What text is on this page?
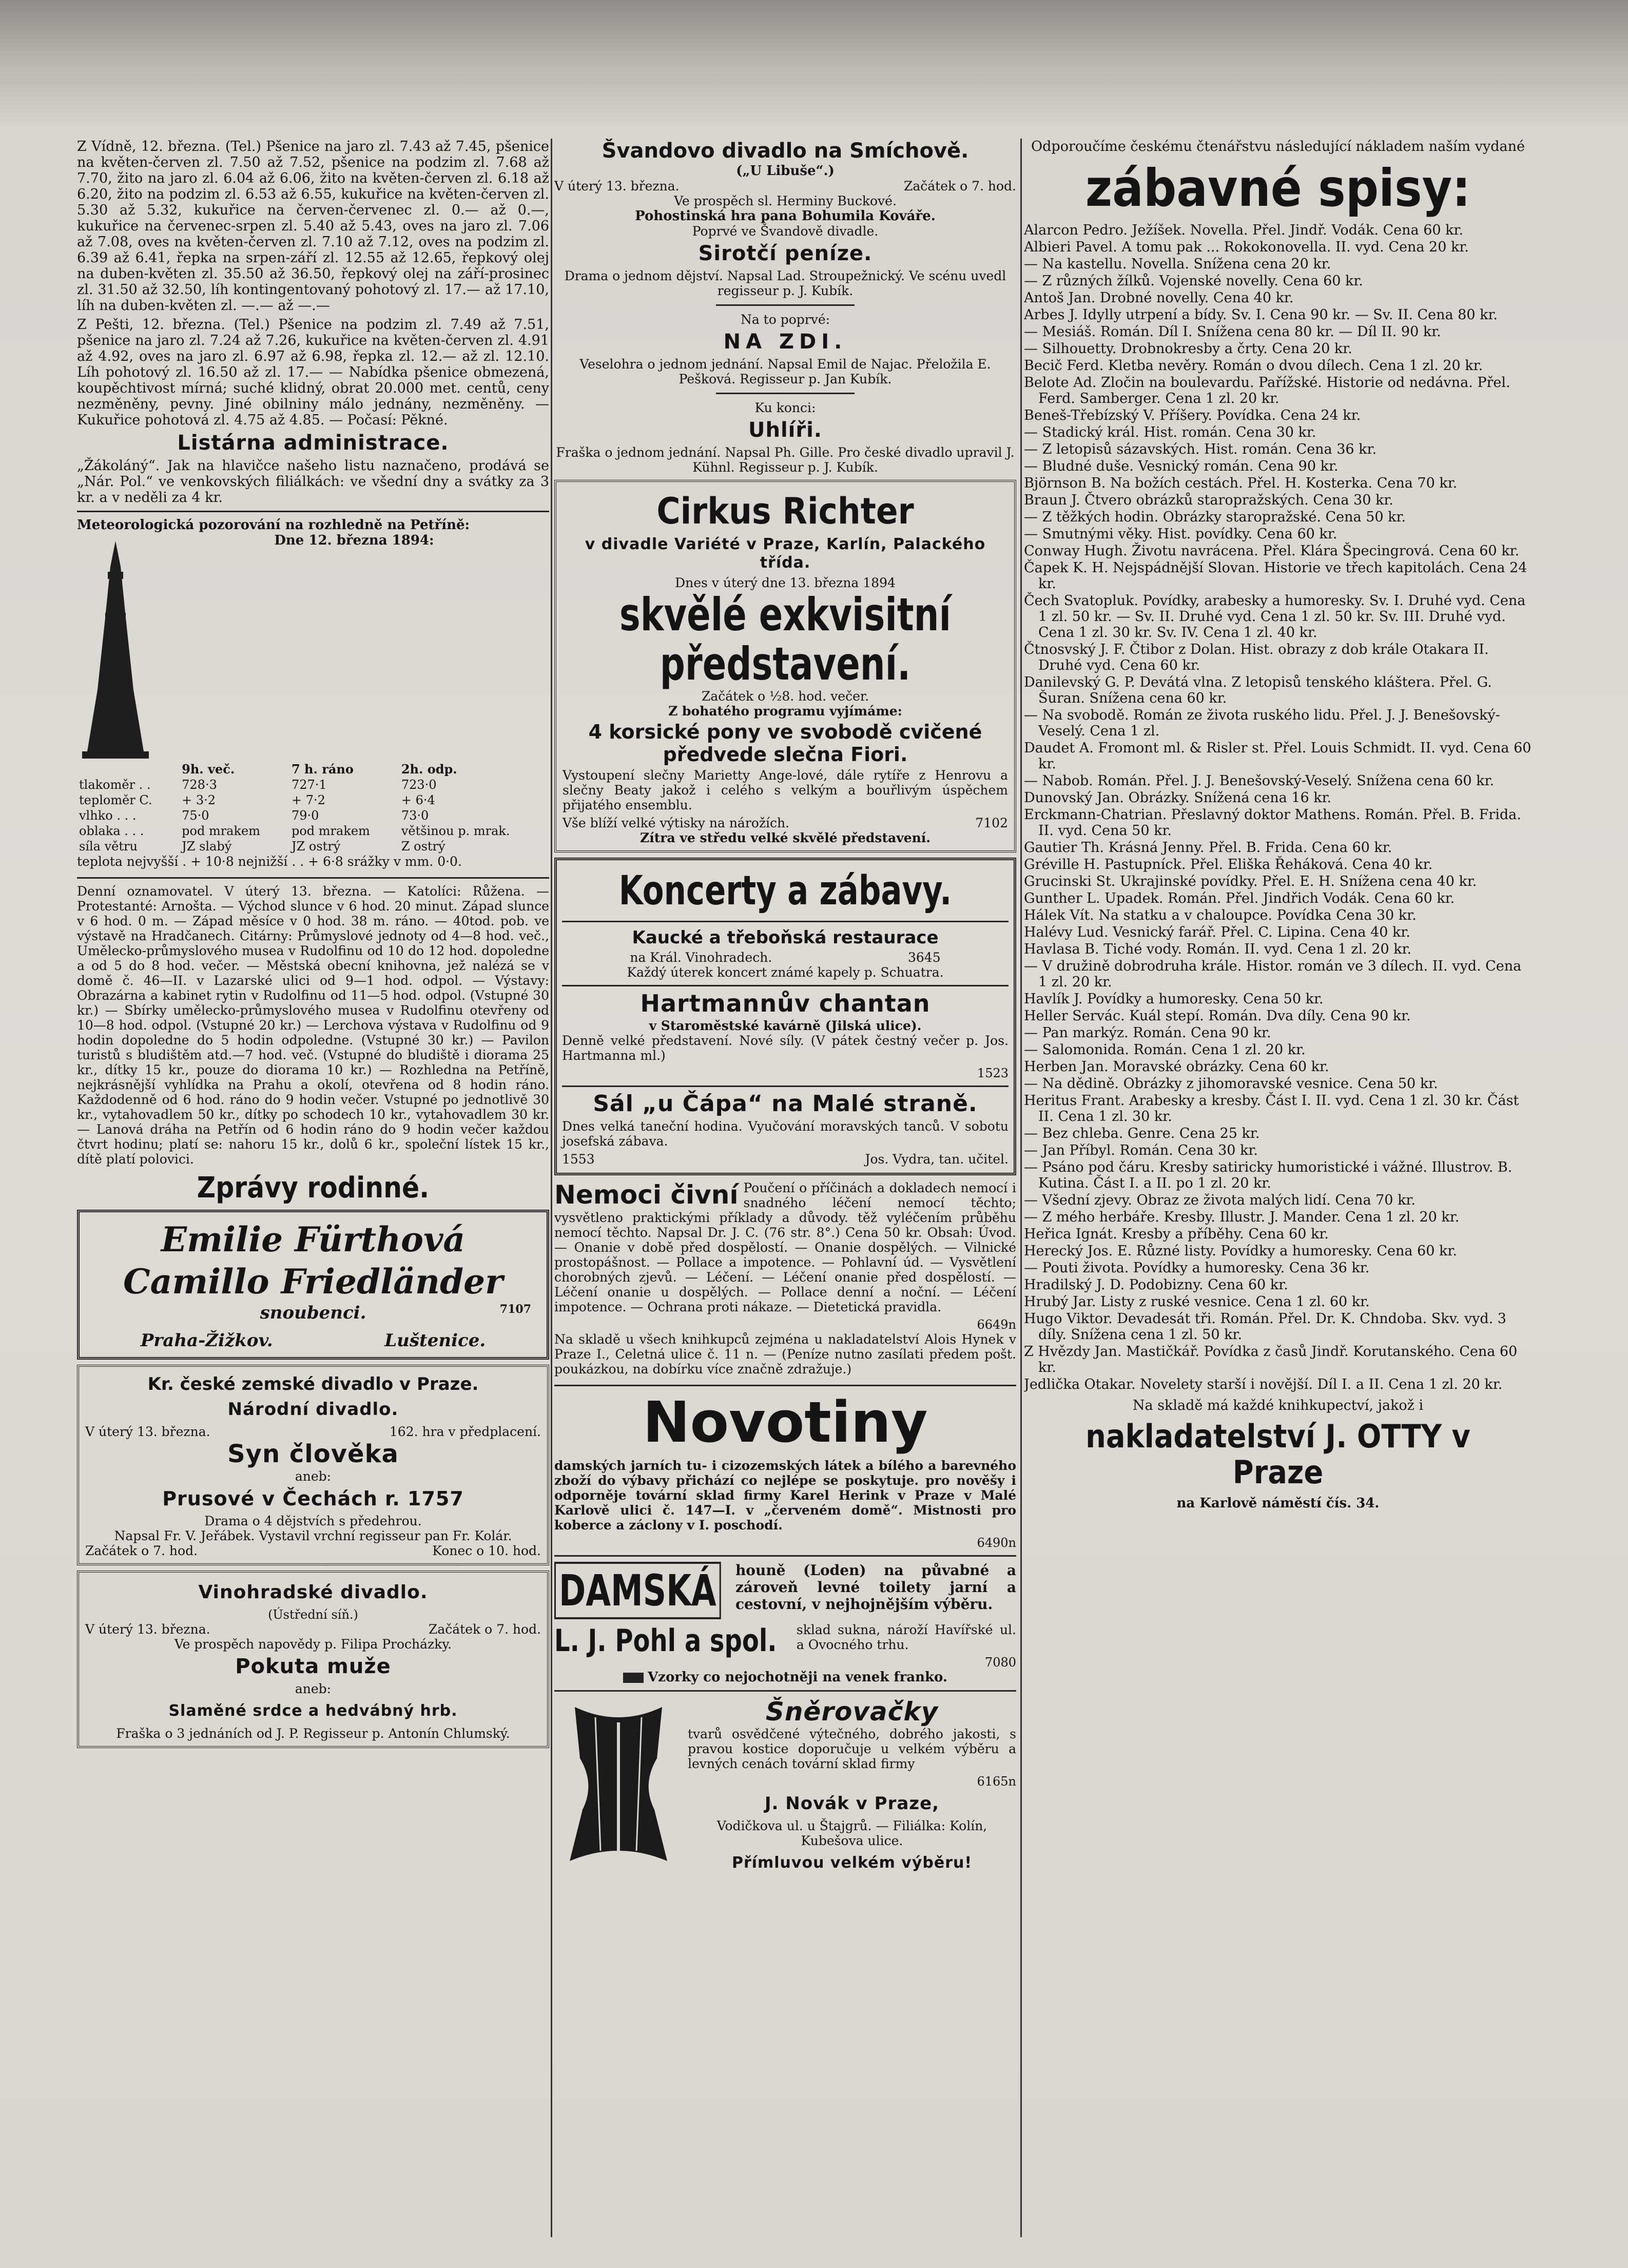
Z Vídně, 12. března. (Tel.) Pšenice na jaro zl. 7.43 až 7.45, pšenice na květen-červen zl. 7.50 až 7.52, pšenice na podzim zl. 7.68 až 7.70, žito na jaro zl. 6.04 až 6.06, žito na květen-červen zl. 6.18 až 6.20, žito na podzim zl. 6.53 až 6.55, kukuřice na květen-červen zl. 5.30 až 5.32, kukuřice na červen-červenec zl. 0.— až 0.—, kukuřice na červenec-srpen zl. 5.40 až 5.43, oves na jaro zl. 7.06 až 7.08, oves na květen-červen zl. 7.10 až 7.12, oves na podzim zl. 6.39 až 6.41, řepka na srpen-září zl. 12.55 až 12.65, řepkový olej na duben-květen zl. 35.50 až 36.50, řepkový olej na září-prosinec zl. 31.50 až 32.50, líh kontingentovaný pohotový zl. 17.— až 17.10, líh na duben-květen zl. —.— až —.—

Z Pešti, 12. března. (Tel.) Pšenice na podzim zl. 7.49 až 7.51, pšenice na jaro zl. 7.24 až 7.26, kukuřice na květen-červen zl. 4.91 až 4.92, oves na jaro zl. 6.97 až 6.98, řepka zl. 12.— až zl. 12.10. Líh pohotový zl. 16.50 až zl. 17.— — Nabídka pšenice obmezená, koupěchtivost mírná; suché klidný, obrat 20.000 met. centů, ceny nezměněny, pevny. Jiné obilniny málo jednány, nezměněny. — Kukuřice pohotová zl. 4.75 až 4.85. — Počasí: Pěkné.

Listárna administrace.

„Žákoláný“. Jak na hlavičce našeho listu naznačeno, prodává se „Nár. Pol.“ ve venkovských filiálkách: ve všední dny a svátky za 3 kr. a v neděli za 4 kr.

Meteorologická pozorování na rozhledně na Petříně:
Dne 12. března 1894:
	9h. več.	7 h. ráno	2h. odp.
tlakoměr . .	728·3	727·1	723·0
teploměr C.	+ 3·2	+ 7·2	+ 6·4
vlhko . . .	75·0	79·0	73·0
oblaka . . .	pod mrakem	pod mrakem	většinou p. mrak.
síla větru	JZ slabý	JZ ostrý	Z ostrý

teplota nejvyšší . + 10·8 nejnižší . . + 6·8 srážky v mm. 0·0.

Denní oznamovatel. V úterý 13. března. — Katolíci: Růžena. — Protestanté: Arnošta. — Východ slunce v 6 hod. 20 minut. Západ slunce v 6 hod. 0 m. — Západ měsíce v 0 hod. 38 m. ráno. — 40tod. pob. ve výstavě na Hradčanech. Citárny: Průmyslové jednoty od 4—8 hod. več., Umělecko-průmyslového musea v Rudolfinu od 10 do 12 hod. dopoledne a od 5 do 8 hod. večer. — Městská obecní knihovna, jež nalézá se v domě č. 46—II. v Lazarské ulici od 9—1 hod. odpol. — Výstavy: Obrazárna a kabinet rytin v Rudolfinu od 11—5 hod. odpol. (Vstupné 30 kr.) — Sbírky umělecko-průmyslového musea v Rudolfinu otevřeny od 10—8 hod. odpol. (Vstupné 20 kr.) — Lerchova výstava v Rudolfinu od 9 hodin dopoledne do 5 hodin odpoledne. (Vstupné 30 kr.) — Pavilon turistů s bludištěm atd.—7 hod. več. (Vstupné do bludiště i diorama 25 kr., dítky 15 kr., pouze do diorama 10 kr.) — Rozhledna na Petříně, nejkrásnější vyhlídka na Prahu a okolí, otevřena od 8 hodin ráno. Každodenně od 6 hod. ráno do 9 hodin večer. Vstupné po jednotlivě 30 kr., vytahovadlem 50 kr., dítky po schodech 10 kr., vytahovadlem 30 kr. — Lanová dráha na Petřín od 6 hodin ráno do 9 hodin večer každou čtvrt hodinu; platí se: nahoru 15 kr., dolů 6 kr., společní lístek 15 kr., dítě platí polovici.

Zprávy rodinné.
Emilie Fürthová
Camillo Friedländer
snoubenci.	7107
Praha-Žižkov.	Luštenice.
Kr. české zemské divadlo v Praze.
Národní divadlo.
V úterý 13. března.	162. hra v předplacení.
Syn člověka
aneb:
Prusové v Čechách r. 1757
Drama o 4 dějstvích s předehrou.
Napsal Fr. V. Jeřábek. Vystavil vrchní regisseur pan Fr. Kolár.
Začátek o 7. hod.	Konec o 10. hod.
Vinohradské divadlo.
(Ústřední síň.)
V úterý 13. března.	Začátek o 7. hod.
Ve prospěch napovědy p. Filipa Procházky.
Pokuta muže
aneb:
Slaměné srdce a hedvábný hrb.
Fraška o 3 jednáních od J. P. Regisseur p. Antonín Chlumský.
Švandovo divadlo na Smíchově.
(„U Libuše“.)
V úterý 13. března.	Začátek o 7. hod.
Ve prospěch sl. Herminy Buckové.
Pohostinská hra pana Bohumila Kováře.
Poprvé ve Švandově divadle.
Sirotčí peníze.
Drama o jednom dějství. Napsal Lad. Stroupežnický. Ve scénu uvedl regisseur p. J. Kubík.
Na to poprvé:
NA ZDI.
Veselohra o jednom jednání. Napsal Emil de Najac. Přeložila E. Pešková. Regisseur p. Jan Kubík.
Ku konci:
Uhlíři.
Fraška o jednom jednání. Napsal Ph. Gille. Pro české divadlo upravil J. Kühnl. Regisseur p. J. Kubík.
Cirkus Richter
v divadle Variété v Praze, Karlín, Palackého třída.
Dnes v úterý dne 13. března 1894
skvělé exkvisitní představení.
Začátek o ½8. hod. večer.
Z bohatého programu vyjímáme:
4 korsické pony ve svobodě cvičené předvede slečna Fiori.

Vystoupení slečny Marietty Ange-lové, dále rytíře z Henrovu a slečny Beaty jakož i celého s velkým a bouřlivým úspěchem přijatého ensemblu.

Vše blíží velké výtisky na nárožích.	7102
Zítra ve středu velké skvělé představení.
Koncerty a zábavy.
Kaucké a třeboňská restaurace
na Král. Vinohradech.	3645
Každý úterek koncert známé kapely p. Schuatra.
Hartmannův chantan
v Staroměstské kavárně (Jilská ulice).

Denně velké představení. Nové síly. (V pátek čestný večer p. Jos. Hartmanna ml.)

1523
Sál „u Čápa“ na Malé straně.

Dnes velká taneční hodina. Vyučování moravských tanců. V sobotu josefská zábava.

1553	Jos. Vydra, tan. učitel.
Nemoci čivní Poučení o příčinách a dokladech nemocí i snadného léčení nemocí těchto; vysvětleno praktickými příklady a důvody. těž vyléčením průběhu nemocí těchto. Napsal Dr. J. C. (76 str. 8°.) Cena 50 kr. Obsah: Úvod. — Onanie v době před dospělostí. — Onanie dospělých. — Vilnické prostopášnost. — Pollace a impotence. — Pohlavní úd. — Vysvětlení chorobných zjevů. — Léčení. — Léčení onanie před dospělostí. — Léčení onanie u dospělých. — Pollace denní a noční. — Léčení impotence. — Ochrana proti nákaze. — Dietetická pravidla.

6649n

Na skladě u všech knihkupců zejména u nakladatelství Alois Hynek v Praze I., Celetná ulice č. 11 n. — (Peníze nutno zasílati předem pošt. poukázkou, na dobírku více značně zdražuje.)

Novotiny

damských jarních tu- i cizozemských látek a bílého a barevného zboží do výbavy přichází co nejlépe se poskytuje. pro nověšy i odporněje tovární sklad firmy Karel Herink v Praze v Malé Karlově ulici č. 147—I. v „červeném domě“. Mistnosti pro koberce a záclony v I. poschodí.

6490n
DAMSKÁ	houně (Loden) na půvabné a zároveň levné toilety jarní a cestovní, v nejhojnějším výběru.

L. J. Pohl a spol.	sklad sukna, nároží Havířské ul. a Ovocného trhu.

7080
Vzorky co nejochotněji na venek franko.
Šněrovačky

tvarů osvědčené výtečného, dobrého jakosti, s pravou kostice doporučuje u velkém výběru a levných cenách tovární sklad firmy

6165n
J. Novák v Praze,

Vodičkova ul. u Štajgrů. — Filiálka: Kolín, Kubešova ulice.

Přímluvou velkém výběru!

Odporoučíme českému čtenářstvu následující nákladem naším vydané

zábavné spisy:

Alarcon Pedro. Ježíšek. Novella. Přel. Jindř. Vodák. Cena 60 kr.

Albieri Pavel. A tomu pak ... Rokokonovella. II. vyd. Cena 20 kr.

— Na kastellu. Novella. Snížena cena 20 kr.

— Z různých žílků. Vojenské novelly. Cena 60 kr.

Antoš Jan. Drobné novelly. Cena 40 kr.

Arbes J. Idylly utrpení a bídy. Sv. I. Cena 90 kr. — Sv. II. Cena 80 kr.

— Mesiáš. Román. Díl I. Snížena cena 80 kr. — Díl II. 90 kr.

— Silhouetty. Drobnokresby a črty. Cena 20 kr.

Becič Ferd. Kletba nevěry. Román o dvou dílech. Cena 1 zl. 20 kr.

Belote Ad. Zločin na boulevardu. Pařížské. Historie od nedávna. Přel. Ferd. Samberger. Cena 1 zl. 20 kr.

Beneš-Třebízský V. Příšery. Povídka. Cena 24 kr.

— Stadický král. Hist. román. Cena 30 kr.

— Z letopisů sázavských. Hist. román. Cena 36 kr.

— Bludné duše. Vesnický román. Cena 90 kr.

Björnson B. Na božích cestách. Přel. H. Kosterka. Cena 70 kr.

Braun J. Čtvero obrázků staropražských. Cena 30 kr.

— Z těžkých hodin. Obrázky staropražské. Cena 50 kr.

— Smutnými věky. Hist. povídky. Cena 60 kr.

Conway Hugh. Životu navrácena. Přel. Klára Špecingrová. Cena 60 kr.

Čapek K. H. Nejspádnější Slovan. Historie ve třech kapitolách. Cena 24 kr.

Čech Svatopluk. Povídky, arabesky a humoresky. Sv. I. Druhé vyd. Cena 1 zl. 50 kr. — Sv. II. Druhé vyd. Cena 1 zl. 50 kr. Sv. III. Druhé vyd. Cena 1 zl. 30 kr. Sv. IV. Cena 1 zl. 40 kr.

Čtnosvský J. F. Čtibor z Dolan. Hist. obrazy z dob krále Otakara II. Druhé vyd. Cena 60 kr.

Danilevský G. P. Devátá vlna. Z letopisů tenského kláštera. Přel. G. Šuran. Snížena cena 60 kr.

— Na svobodě. Román ze života ruského lidu. Přel. J. J. Benešovský-Veselý. Cena 1 zl.

Daudet A. Fromont ml. & Risler st. Přel. Louis Schmidt. II. vyd. Cena 60 kr.

— Nabob. Román. Přel. J. J. Benešovský-Veselý. Snížena cena 60 kr.

Dunovský Jan. Obrázky. Snížená cena 16 kr.

Erckmann-Chatrian. Přeslavný doktor Mathens. Román. Přel. B. Frida. II. vyd. Cena 50 kr.

Gautier Th. Krásná Jenny. Přel. B. Frida. Cena 60 kr.

Gréville H. Pastupníck. Přel. Eliška Řeháková. Cena 40 kr.

Grucinski St. Ukrajinské povídky. Přel. E. H. Snížena cena 40 kr.

Gunther L. Upadek. Román. Přel. Jindřich Vodák. Cena 60 kr.

Hálek Vít. Na statku a v chaloupce. Povídka Cena 30 kr.

Halévy Lud. Vesnický farář. Přel. C. Lipina. Cena 40 kr.

Havlasa B. Tiché vody. Román. II. vyd. Cena 1 zl. 20 kr.

— V družině dobrodruha krále. Histor. román ve 3 dílech. II. vyd. Cena 1 zl. 20 kr.

Havlík J. Povídky a humoresky. Cena 50 kr.

Heller Servác. Kuál stepí. Román. Dva díly. Cena 90 kr.

— Pan markýz. Román. Cena 90 kr.

— Salomonida. Román. Cena 1 zl. 20 kr.

Herben Jan. Moravské obrázky. Cena 60 kr.

— Na dědině. Obrázky z jihomoravské vesnice. Cena 50 kr.

Heritus Frant. Arabesky a kresby. Část I. II. vyd. Cena 1 zl. 30 kr. Část II. Cena 1 zl. 30 kr.

— Bez chleba. Genre. Cena 25 kr.

— Jan Příbyl. Román. Cena 30 kr.

— Psáno pod čáru. Kresby satiricky humoristické i vážné. Illustrov. B. Kutina. Část I. a II. po 1 zl. 20 kr.

— Všední zjevy. Obraz ze života malých lidí. Cena 70 kr.

— Z mého herbáře. Kresby. Illustr. J. Mander. Cena 1 zl. 20 kr.

Heřica Ignát. Kresby a příběhy. Cena 60 kr.

Herecký Jos. E. Různé listy. Povídky a humoresky. Cena 60 kr.

— Pouti života. Povídky a humoresky. Cena 36 kr.

Hradilský J. D. Podobizny. Cena 60 kr.

Hrubý Jar. Listy z ruské vesnice. Cena 1 zl. 60 kr.

Hugo Viktor. Devadesát tři. Román. Přel. Dr. K. Chndoba. Skv. vyd. 3 díly. Snížena cena 1 zl. 50 kr.

Z Hvězdy Jan. Mastičkář. Povídka z časů Jindř. Korutanského. Cena 60 kr.

Jedlička Otakar. Novelety starší i novější. Díl I. a II. Cena 1 zl. 20 kr.

Na skladě má každé knihkupectví, jakož i

nakladatelství J. OTTY v Praze
na Karlově náměstí čís. 34.
